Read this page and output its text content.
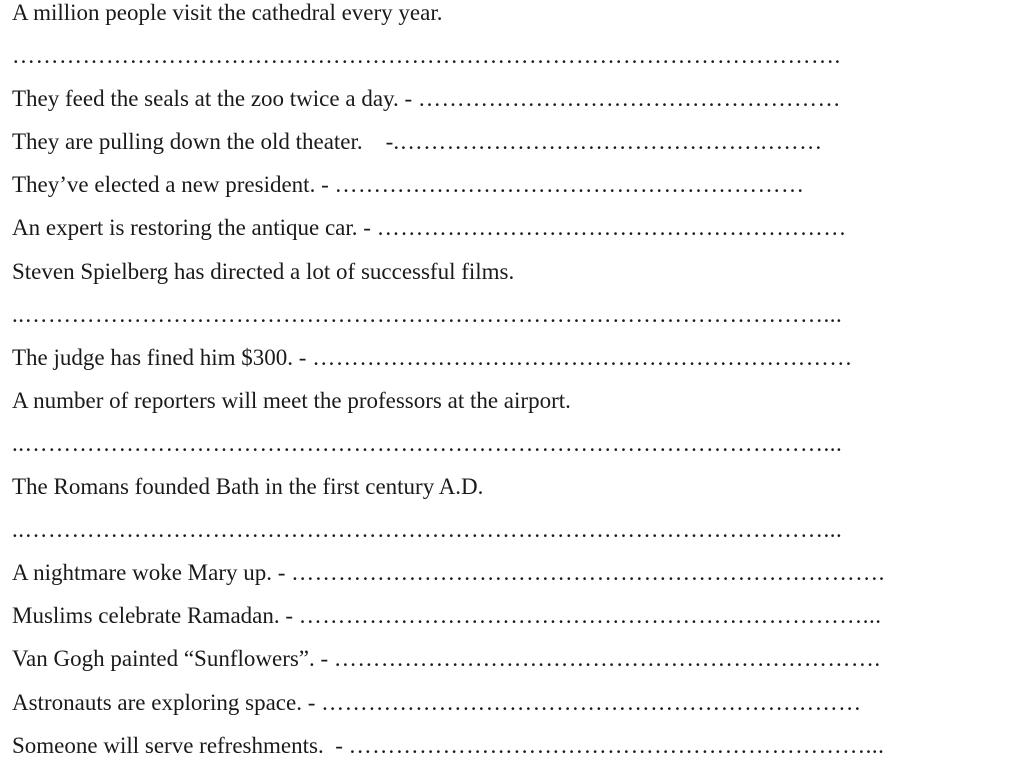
A million people visit the cathedral every year.
…………………………………………………………………………………………….
They feed the seals at the zoo twice a day. - ………………………………………………
They are pulling down the old theater.    - .………………………………………………
They’ve elected a new president. - ……………………………………………………
An expert is restoring the antique car. - ……………………………………………………
Steven Spielberg has directed a lot of successful films.
..…………………………………………………………………………………………...
The judge has fined him $300. - ……………………………………………………………
A number of reporters will meet the professors at the airport.
..…………………………………………………………………………………………...
The Romans founded Bath in the first century A.D.
..…………………………………………………………………………………………...
A nightmare woke Mary up. - ………………………………………………………………….
Muslims celebrate Ramadan. - ………………………………………………………………...
Van Gogh painted “Sunflowers”. - …………………………………………………………….
Astronauts are exploring space. - ……………………………………………………………
Someone will serve refreshments.  - …………………………………………………………...
